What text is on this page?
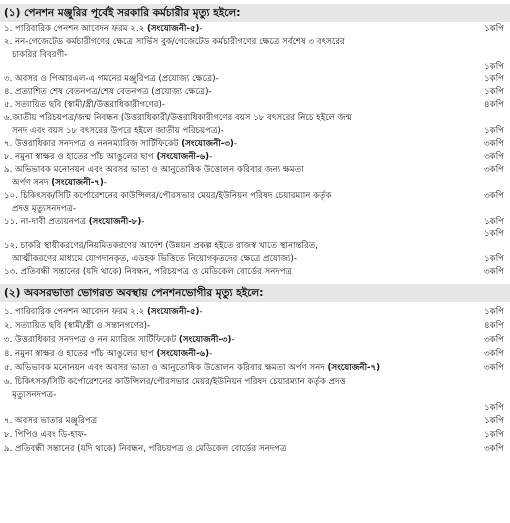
(১) পেনশন মঞ্জুরির পূর্বেই সরকারি কর্মচারীর মৃত্যু হইলে:
১. পারিবারিক পেনশন আবেদন ফরম ২.২ (সংযোজনী-৫)-	১কপি
২. নন-গেজেটেড কর্মচারীগণের ক্ষেত্রে সার্ভিস বুক/গেজেটেড কর্মচারীগণের ক্ষেত্রে সর্বশেষ ৩ বৎসরের
চাকরির বিবরণী-
১কপি
৩. অবসর ও পিআরএল-এ গমনের মঞ্জুরিপত্র (প্রযোজ্য ক্ষেত্রে)-	১কপি
৪. প্রত্যাশিত শেষ বেতনপত্র/শেষ বেতনপত্র (প্রযোজ্য ক্ষেত্রে)-	১কপি
৫. সত্যায়িত ছবি (স্বামী/স্ত্রী/উত্তরাধিকারীগণের)-	৪কপি
৬.জাতীয় পরিচয়পত্র/জন্ম নিবন্ধন (উত্তরাধিকারী/উত্তরাধিকারীগণের বয়স ১৮ বৎসরের নিচে হইলে জন্ম
সনদ এবং বয়স ১৮ বৎসরের উপরে হইলে জাতীয় পরিচয়পত্র)-	১কপি
৭. উত্তরাধিকার সনদপত্র ও নননম্যারিজ সার্টিফিকেট (সংযোজনী-৩)-	৩কপি
৮. নমুনা স্বাক্ষর ও হাতের পাঁচ আঙুলের ছাপ (সংযোজনী-৬)-	৩কপি
৯. অভিভাবক মনোনয়ন এবং অবসর ভাতা ও আনুতোষিক উত্তোলন করিবার জন্য ক্ষমতা	৩কপি
অর্পণ সনদ (সংযোজনী-৭)-
১০. চিকিৎসক/সিটি কর্পোরেশনের কাউন্সিলর/পৌরসভার মেয়র/ইউনিয়ন পরিষদ চেয়ারম্যান কর্তৃক	৩কপি
প্রদত্ত মৃত্যুসনদপত্র-
১১. না-দাবী প্রত্যয়নপত্র (সংযোজনী-৮)-	১কপি
১কপি
১২. চাকরি স্থায়ীকরণের/নিয়মিতকরণের আদেশ (উন্নয়ন প্রকল্প হইতে রাজস্ব খাতে স্থানান্তরিত,
আত্মীকরণের মাধ্যমে যোগদানকৃত, এডহক ভিত্তিতে নিয়োগকৃতদের ক্ষেত্রে প্রযোজ্য)-	১কপি
১৩. প্রতিবন্ধী সন্তানের (যদি থাকে) নিবন্ধন, পরিচয়পত্র ও মেডিকেল বোর্ডের সনদপত্র	৩কপি
(২) অবসরভাতা ভোগরত অবস্থায় পেনশনভোগীর মৃত্যু হইলে:
১. পারিবারিক পেনশন আবেদন ফরম ২.২ (সংযোজনী-৫)-	১কপি
২. সত্যায়িত ছবি (স্বামী/স্ত্রী ও সন্তানগণের)-	৪কপি
৩. উত্তরাধিকার সনদপত্র ও নন ম্যারিজ সার্টিফিকেট (সংযোজনী-৩)-	৩কপি
৪. নমুনা স্বাক্ষর ও হাতের পাঁচ আঙুলের ছাপ (সংযোজনী-৬)-	৩কপি
৫. অভিভাবক মনোনয়ন এবং অবসর ভাতা ও আনুতোষিক উত্তোলন করিবার ক্ষমতা অর্পণ সনদ (সংযোজনী-৭)	৩কপি
৬. চিকিৎসক/সিটি কর্পোরেশনের কাউন্সিলর/পৌরসভার মেয়র/ইউনিয়ন পরিষদ চেয়ারম্যান কর্তৃক প্রদত্ত
মৃত্যুসনদপত্র-
১কপি
৭. অবসর ভাতার মঞ্জুরিপত্র	১কপি
৮. পিপিও এবং ডি-হাফ-	১কপি
৯. প্রতিবন্ধী সন্তানের (যদি থাকে) নিবন্ধন, পরিচয়পত্র ও মেডিকেল বোর্ডের সনদপত্র	৩কপি
